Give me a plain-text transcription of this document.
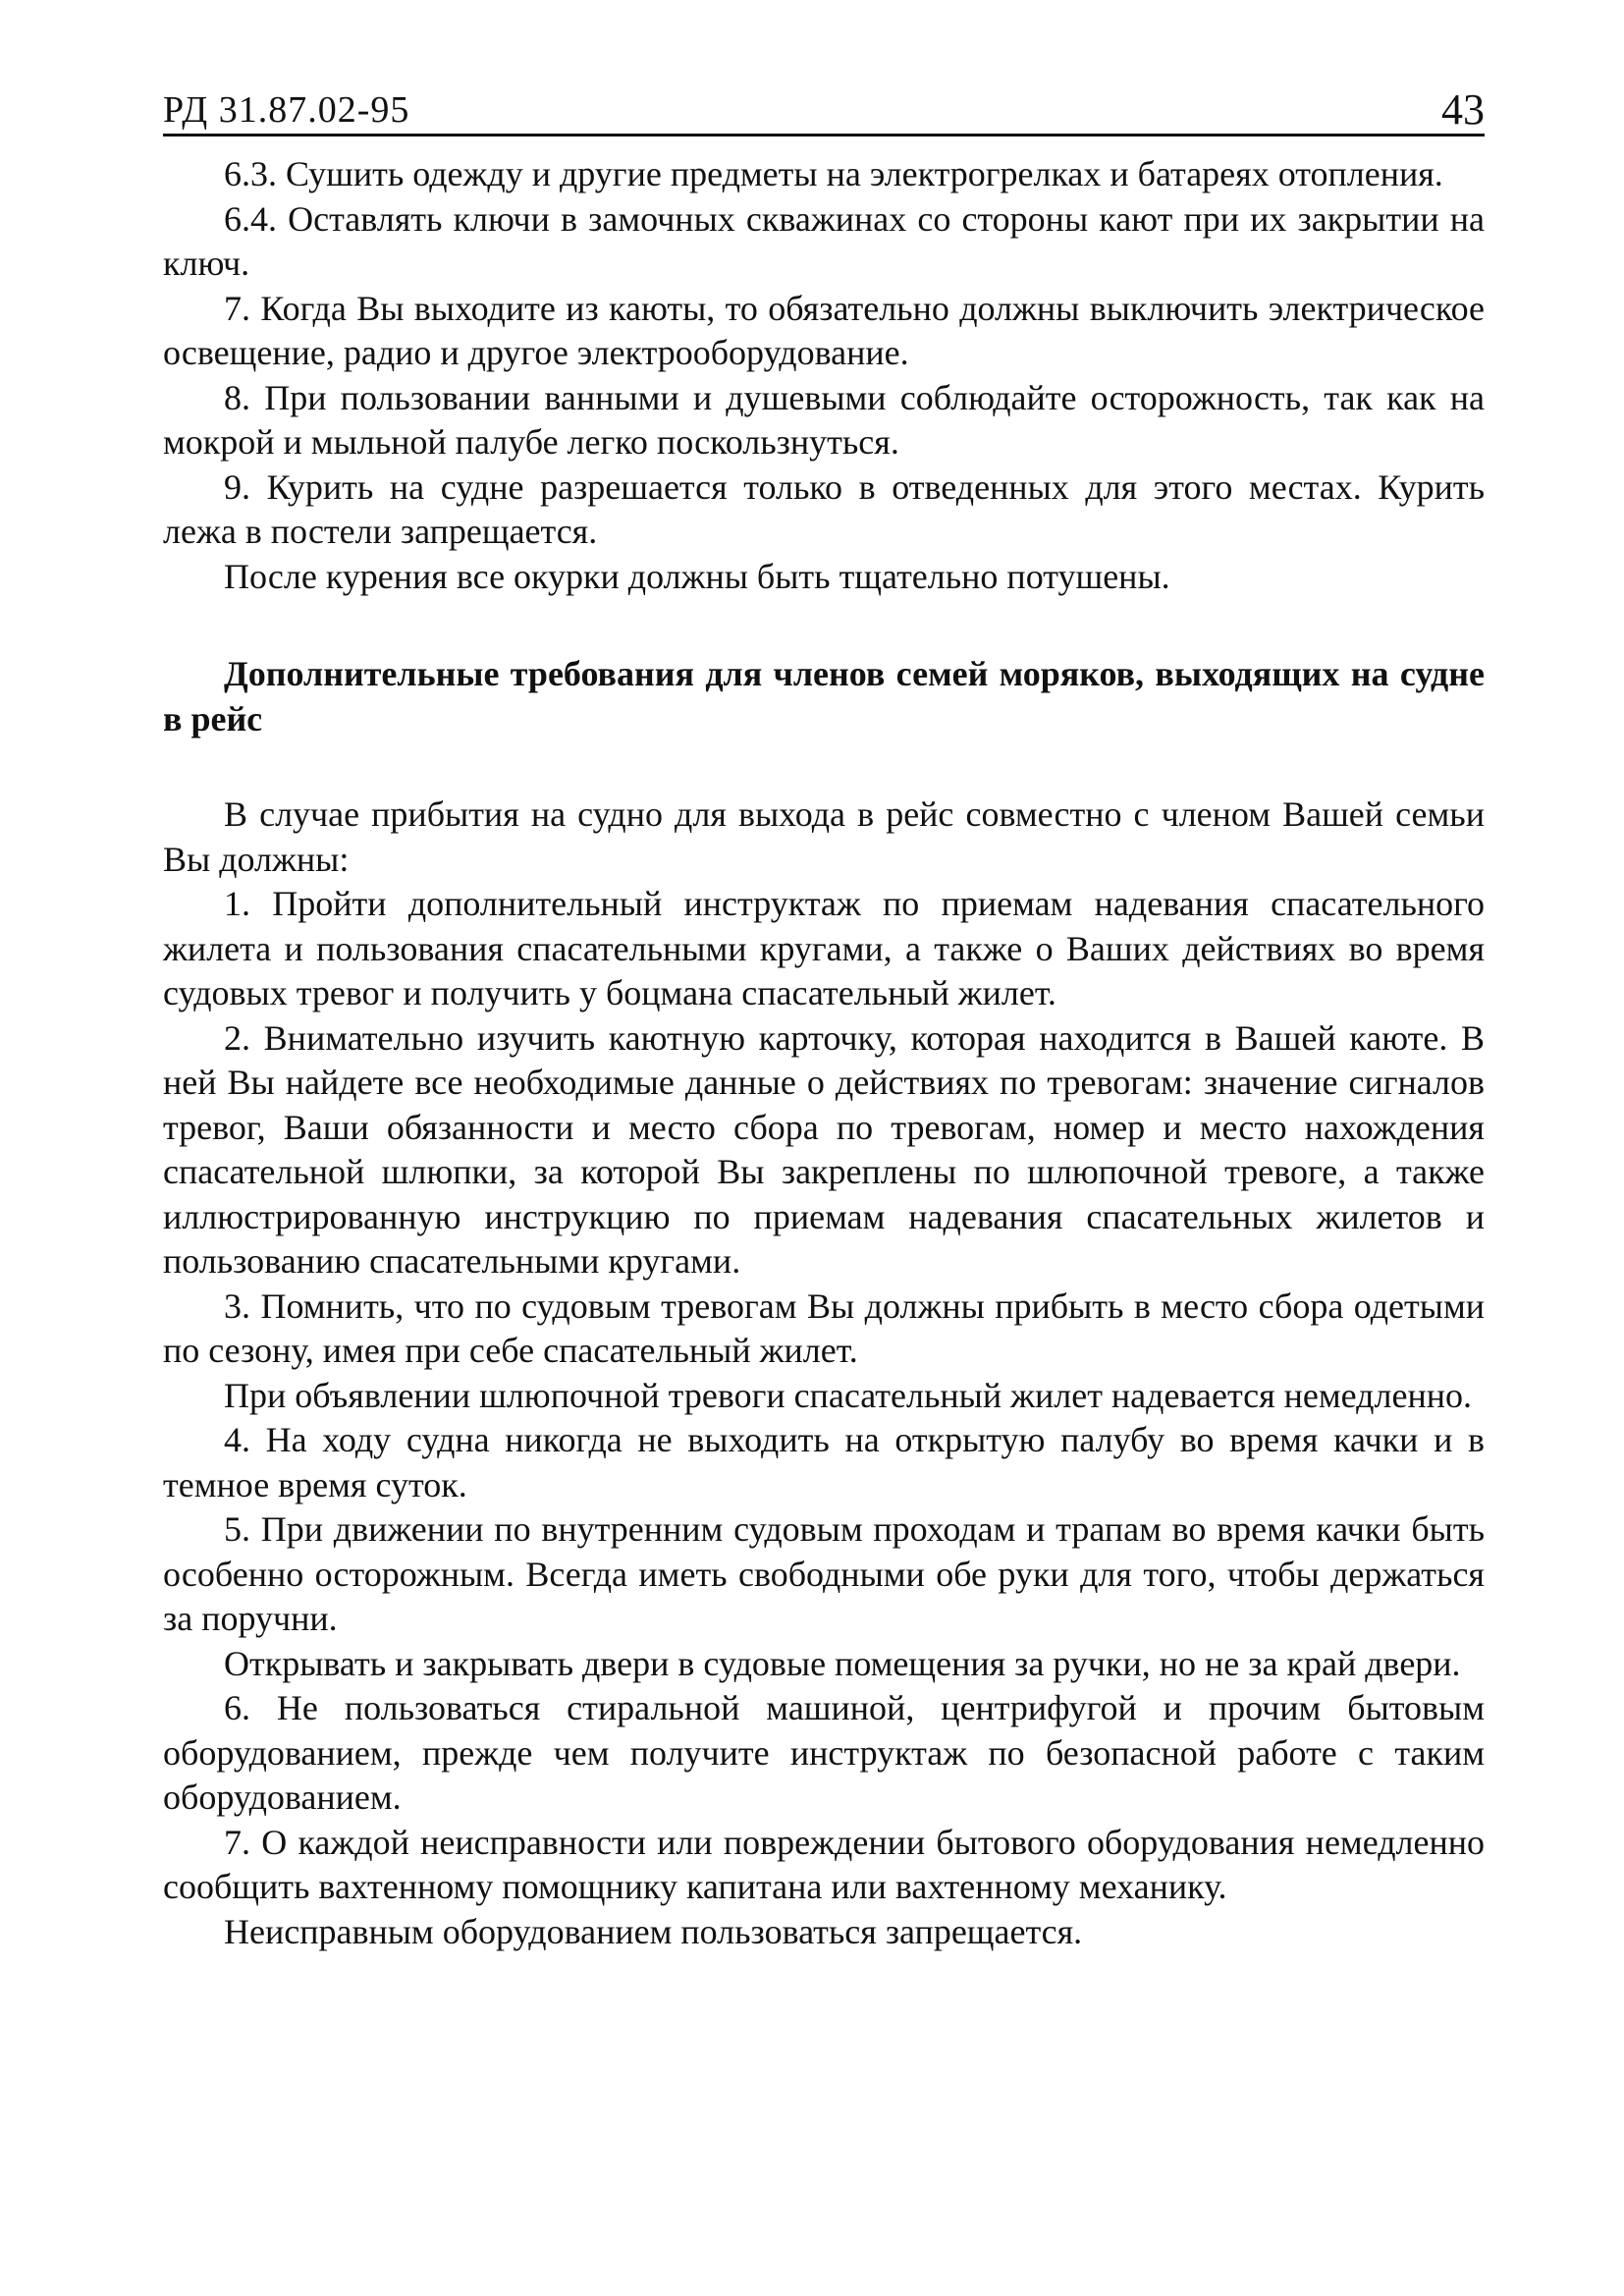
РД 31.87.02-95	43

6.3. Сушить одежду и другие предметы на электрогрелках и батареях отопления.

6.4. Оставлять ключи в замочных скважинах со стороны кают при их закрытии на ключ.

7. Когда Вы выходите из каюты, то обязательно должны выключить электрическое освещение, радио и другое электрооборудование.

8. При пользовании ванными и душевыми соблюдайте осторожность, так как на мокрой и мыльной палубе легко поскользнуться.

9. Курить на судне разрешается только в отведенных для этого местах. Курить лежа в постели запрещается.

После курения все окурки должны быть тщательно потушены.

Дополнительные требования для членов семей моряков, выходящих на судне в рейс

В случае прибытия на судно для выхода в рейс совместно с членом Вашей семьи Вы должны:

1. Пройти дополнительный инструктаж по приемам надевания спасательного жилета и пользования спасательными кругами, а также о Ваших действиях во время судовых тревог и получить у боцмана спасательный жилет.

2. Внимательно изучить каютную карточку, которая находится в Вашей каюте. В ней Вы найдете все необходимые данные о действиях по тревогам: значение сигналов тревог, Ваши обязанности и место сбора по тревогам, номер и место нахождения спасательной шлюпки, за которой Вы закреплены по шлюпочной тревоге, а также иллюстрированную инструкцию по приемам надевания спасательных жилетов и пользованию спасательными кругами.

3. Помнить, что по судовым тревогам Вы должны прибыть в место сбора одетыми по сезону, имея при себе спасательный жилет.

При объявлении шлюпочной тревоги спасательный жилет надевается немедленно.

4. На ходу судна никогда не выходить на открытую палубу во время качки и в темное время суток.

5. При движении по внутренним судовым проходам и трапам во время качки быть особенно осторожным. Всегда иметь свободными обе руки для того, чтобы держаться за поручни.

Открывать и закрывать двери в судовые помещения за ручки, но не за край двери.

6. Не пользоваться стиральной машиной, центрифугой и прочим бытовым оборудованием, прежде чем получите инструктаж по безопасной работе с таким оборудованием.

7. О каждой неисправности или повреждении бытового оборудования немедленно сообщить вахтенному помощнику капитана или вахтенному механику.

Неисправным оборудованием пользоваться запрещается.
